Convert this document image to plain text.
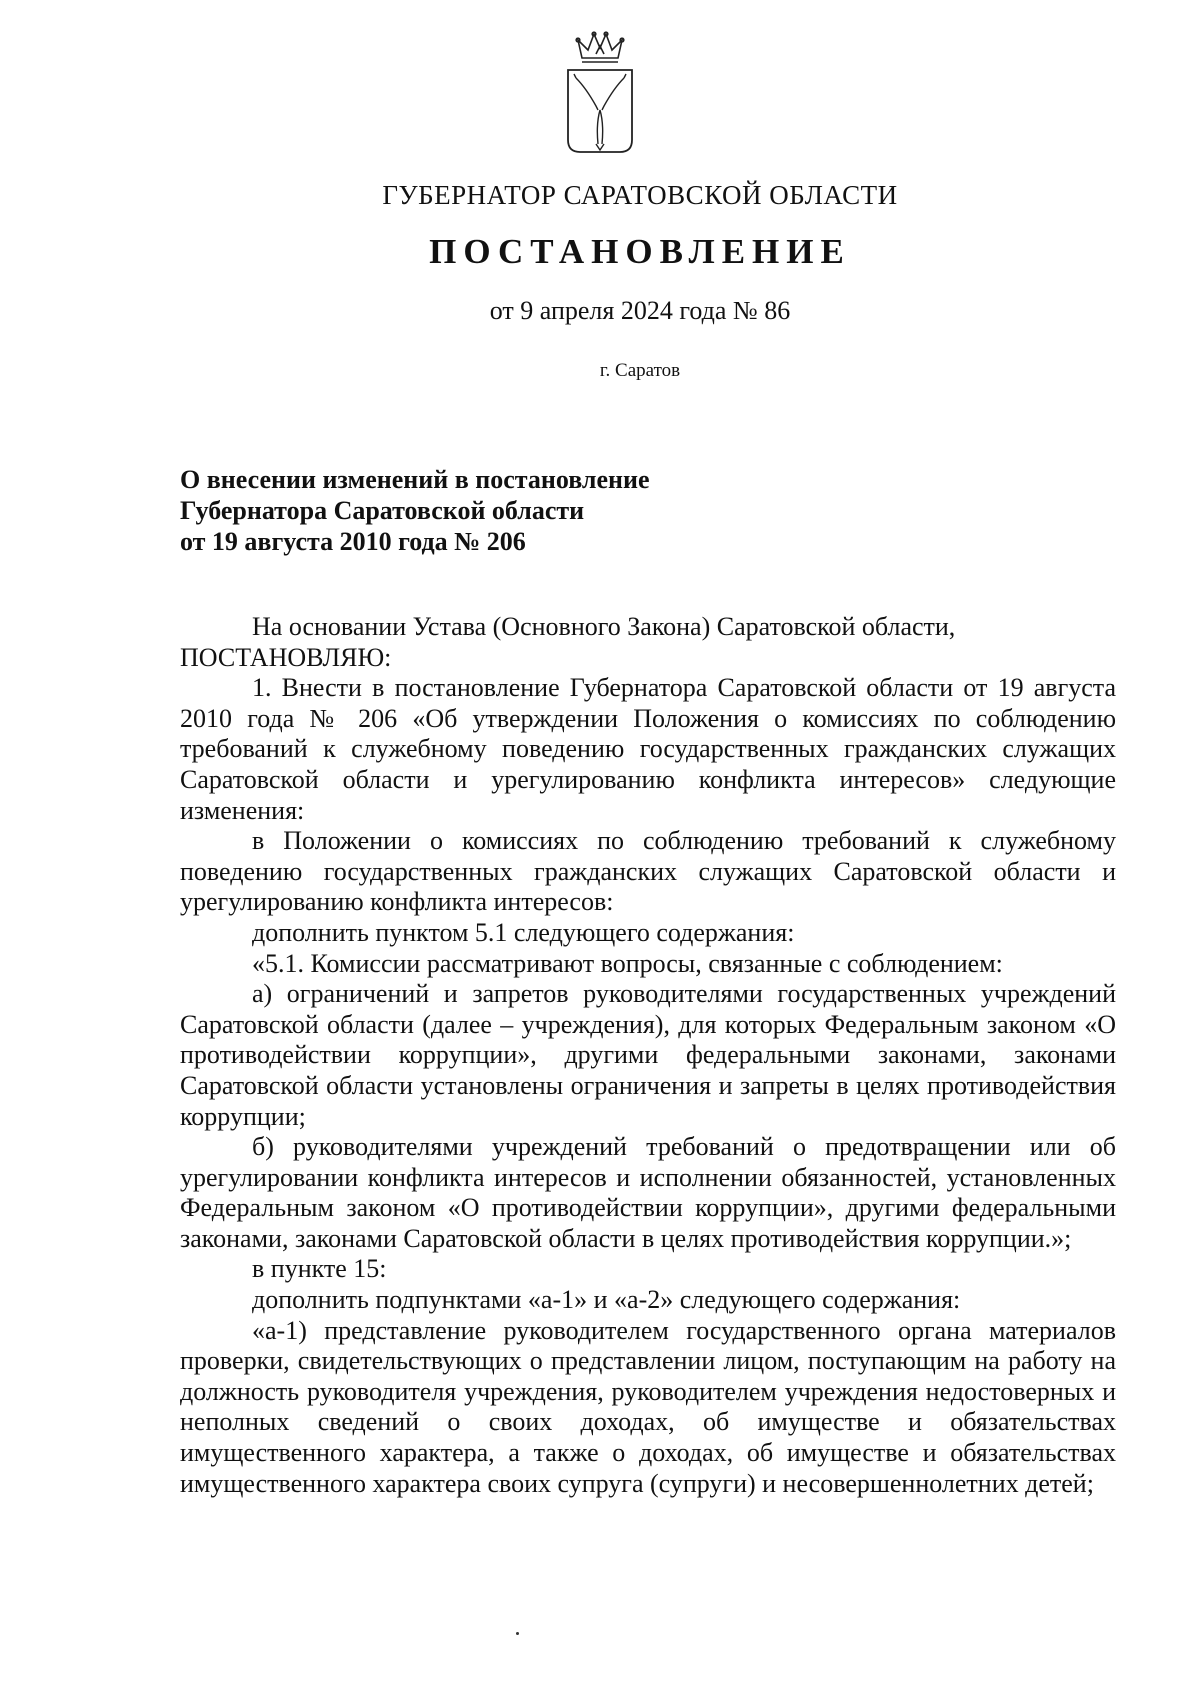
ГУБЕРНАТОР САРАТОВСКОЙ ОБЛАСТИ
ПОСТАНОВЛЕНИЕ
от 9 апреля 2024 года № 86
г. Саратов
О внесении изменений в постановление
Губернатора Саратовской области
от 19 августа 2010 года № 206

На основании Устава (Основного Закона) Саратовской области,

ПОСТАНОВЛЯЮ:

1. Внести в постановление Губернатора Саратовской области от 19 августа 2010 года № 206 «Об утверждении Положения о комиссиях по соблюдению требований к служебному поведению государственных гражданских служащих Саратовской области и урегулированию конфликта интересов» следующие изменения:

в Положении о комиссиях по соблюдению требований к служебному поведению государственных гражданских служащих Саратовской области и урегулированию конфликта интересов:

дополнить пунктом 5.1 следующего содержания:

«5.1. Комиссии рассматривают вопросы, связанные с соблюдением:

а) ограничений и запретов руководителями государственных учреждений Саратовской области (далее – учреждения), для которых Федеральным законом «О противодействии коррупции», другими федеральными законами, законами Саратовской области установлены ограничения и запреты в целях противодействия коррупции;

б) руководителями учреждений требований о предотвращении или об урегулировании конфликта интересов и исполнении обязанностей, установленных Федеральным законом «О противодействии коррупции», другими федеральными законами, законами Саратовской области в целях противодействия коррупции.»;

в пункте 15:

дополнить подпунктами «а-1» и «а-2» следующего содержания:

«а-1) представление руководителем государственного органа материалов проверки, свидетельствующих о представлении лицом, поступающим на работу на должность руководителя учреждения, руководителем учреждения недостоверных и неполных сведений о своих доходах, об имуществе и обязательствах имущественного характера, а также о доходах, об имуществе и обязательствах имущественного характера своих супруга (супруги) и несовершеннолетних детей;
